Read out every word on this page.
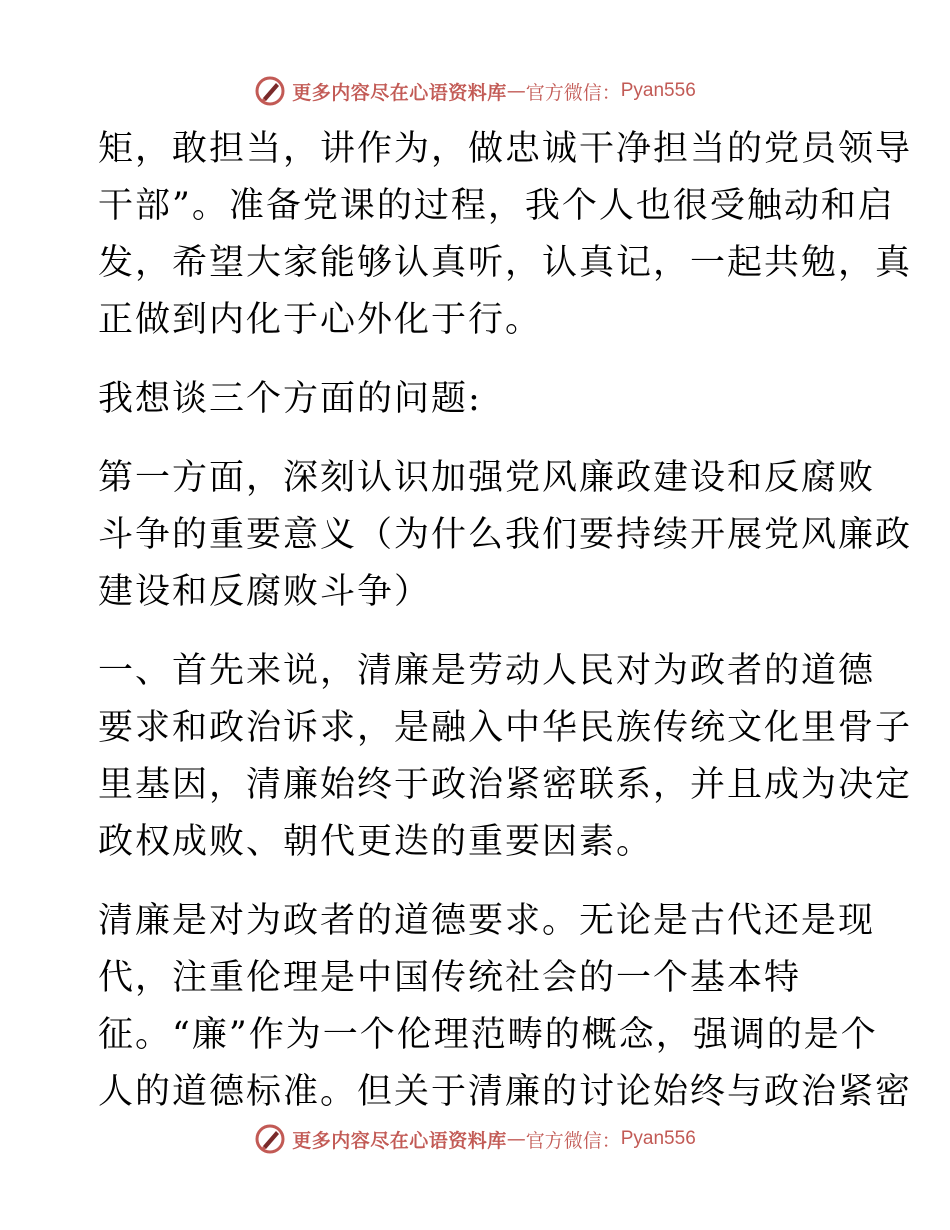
更多内容尽在心语资料库 — 官方微信： Pyan556

矩，敢担当，讲作为，做忠诚干净担当的党员领导
干部”。准备党课的过程，我个人也很受触动和启
发，希望大家能够认真听，认真记，一起共勉，真
正做到内化于心外化于行。

我想谈三个方面的问题:

第一方面，深刻认识加强党风廉政建设和反腐败
斗争的重要意义（为什么我们要持续开展党风廉政
建设和反腐败斗争）

一、首先来说，清廉是劳动人民对为政者的道德
要求和政治诉求，是融入中华民族传统文化里骨子
里基因，清廉始终于政治紧密联系，并且成为决定
政权成败、朝代更迭的重要因素。

清廉是对为政者的道德要求。无论是古代还是现
代，注重伦理是中国传统社会的一个基本特
征。“廉”作为一个伦理范畴的概念，强调的是个
人的道德标准。但关于清廉的讨论始终与政治紧密

更多内容尽在心语资料库 — 官方微信： Pyan556
